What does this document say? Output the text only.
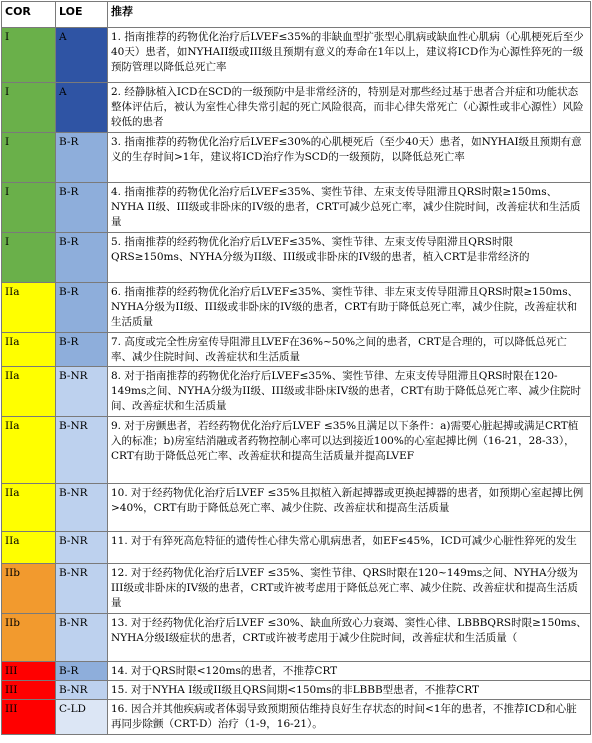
COR	LOE	推荐
I	A	1. 指南推荐的药物优化治疗后LVEF≤35%的非缺血型扩张型心肌病或缺血性心肌病（心肌梗死后至少40天）患者，如NYHAII级或III级且预期有意义的寿命在1年以上，建议将ICD作为心源性猝死的一级预防管理以降低总死亡率
I	A	2. 经静脉植入ICD在SCD的一级预防中是非常经济的，特别是对那些经过基于患者合并症和功能状态整体评估后，被认为室性心律失常引起的死亡风险很高，而非心律失常死亡（心源性或非心源性）风险较低的患者
I	B-R	3. 指南推荐的药物优化治疗后LVEF≤30%的心肌梗死后（至少40天）患者，如NYHAI级且预期有意义的生存时间>1年，建议将ICD治疗作为SCD的一级预防，以降低总死亡率
I	B-R	4. 指南推荐的药物优化治疗后LVEF≤35%、窦性节律、左束支传导阻滞且QRS时限≥150ms、NYHA II级、III级或非卧床的IV级的患者，CRT可减少总死亡率，减少住院时间，改善症状和生活质量
I	B-R	5. 指南推荐的经药物优化治疗后LVEF≤35%、窦性节律、左束支传导阻滞且QRS时限QRS≥150ms、NYHA分级为II级、III级或非卧床的IV级的患者，植入CRT是非常经济的
IIa	B-R	6. 指南推荐的经药物优化治疗后LVEF≤35%、窦性节律、非左束支传导阻滞且QRS时限≥150ms、NYHA分级为II级、III级或非卧床的IV级的患者，CRT有助于降低总死亡率，减少住院，改善症状和生活质量
IIa	B-R	7. 高度或完全性房室传导阻滞且LVEF在36%~50%之间的患者，CRT是合理的，可以降低总死亡率、减少住院时间、改善症状和生活质量
IIa	B-NR	8. 对于指南推荐的药物优化治疗后LVEF≤35%、窦性节律、左束支传导阻滞且QRS时限在120-149ms之间、NYHA分级为II级、III级或非卧床IV级的患者，CRT有助于降低总死亡率、减少住院时间、改善症状和生活质量
IIa	B-NR	9. 对于房颤患者，若经药物优化治疗后LVEF ≤35%且满足以下条件：a)需要心脏起搏或满足CRT植入的标准；b)房室结消融或者药物控制心率可以达到接近100%的心室起搏比例（16-21，28-33），CRT有助于降低总死亡率、改善症状和提高生活质量并提高LVEF
IIa	B-NR	10. 对于经药物优化治疗后LVEF ≤35%且拟植入新起搏器或更换起搏器的患者，如预期心室起搏比例>40%，CRT有助于降低总死亡率、减少住院、改善症状和提高生活质量
IIa	B-NR	11. 对于有猝死高危特征的遗传性心律失常心肌病患者，如EF≤45%，ICD可减少心脏性猝死的发生
IIb	B-NR	12. 对于经药物优化治疗后LVEF ≤35%、窦性节律、QRS时限在120~149ms之间、NYHA分级为III级或非卧床的IV级的患者，CRT或许被考虑用于降低总死亡率、减少住院、改善症状和提高生活质量
IIb	B-NR	13. 对于经药物优化治疗后LVEF ≤30%、缺血所致心力衰竭、窦性心律、LBBBQRS时限≥150ms、NYHA分级I级症状的患者，CRT或许被考虑用于减少住院时间，改善症状和生活质量（
III	B-R	14. 对于QRS时限<120ms的患者，不推荐CRT
III	B-NR	15. 对于NYHA I级或II级且QRS间期<150ms的非LBBB型患者，不推荐CRT
III	C-LD	16. 因合并其他疾病或者体弱导致预期预估维持良好生存状态的时间<1年的患者，不推荐ICD和心脏再同步除颤（CRT-D）治疗（1-9，16-21）。
